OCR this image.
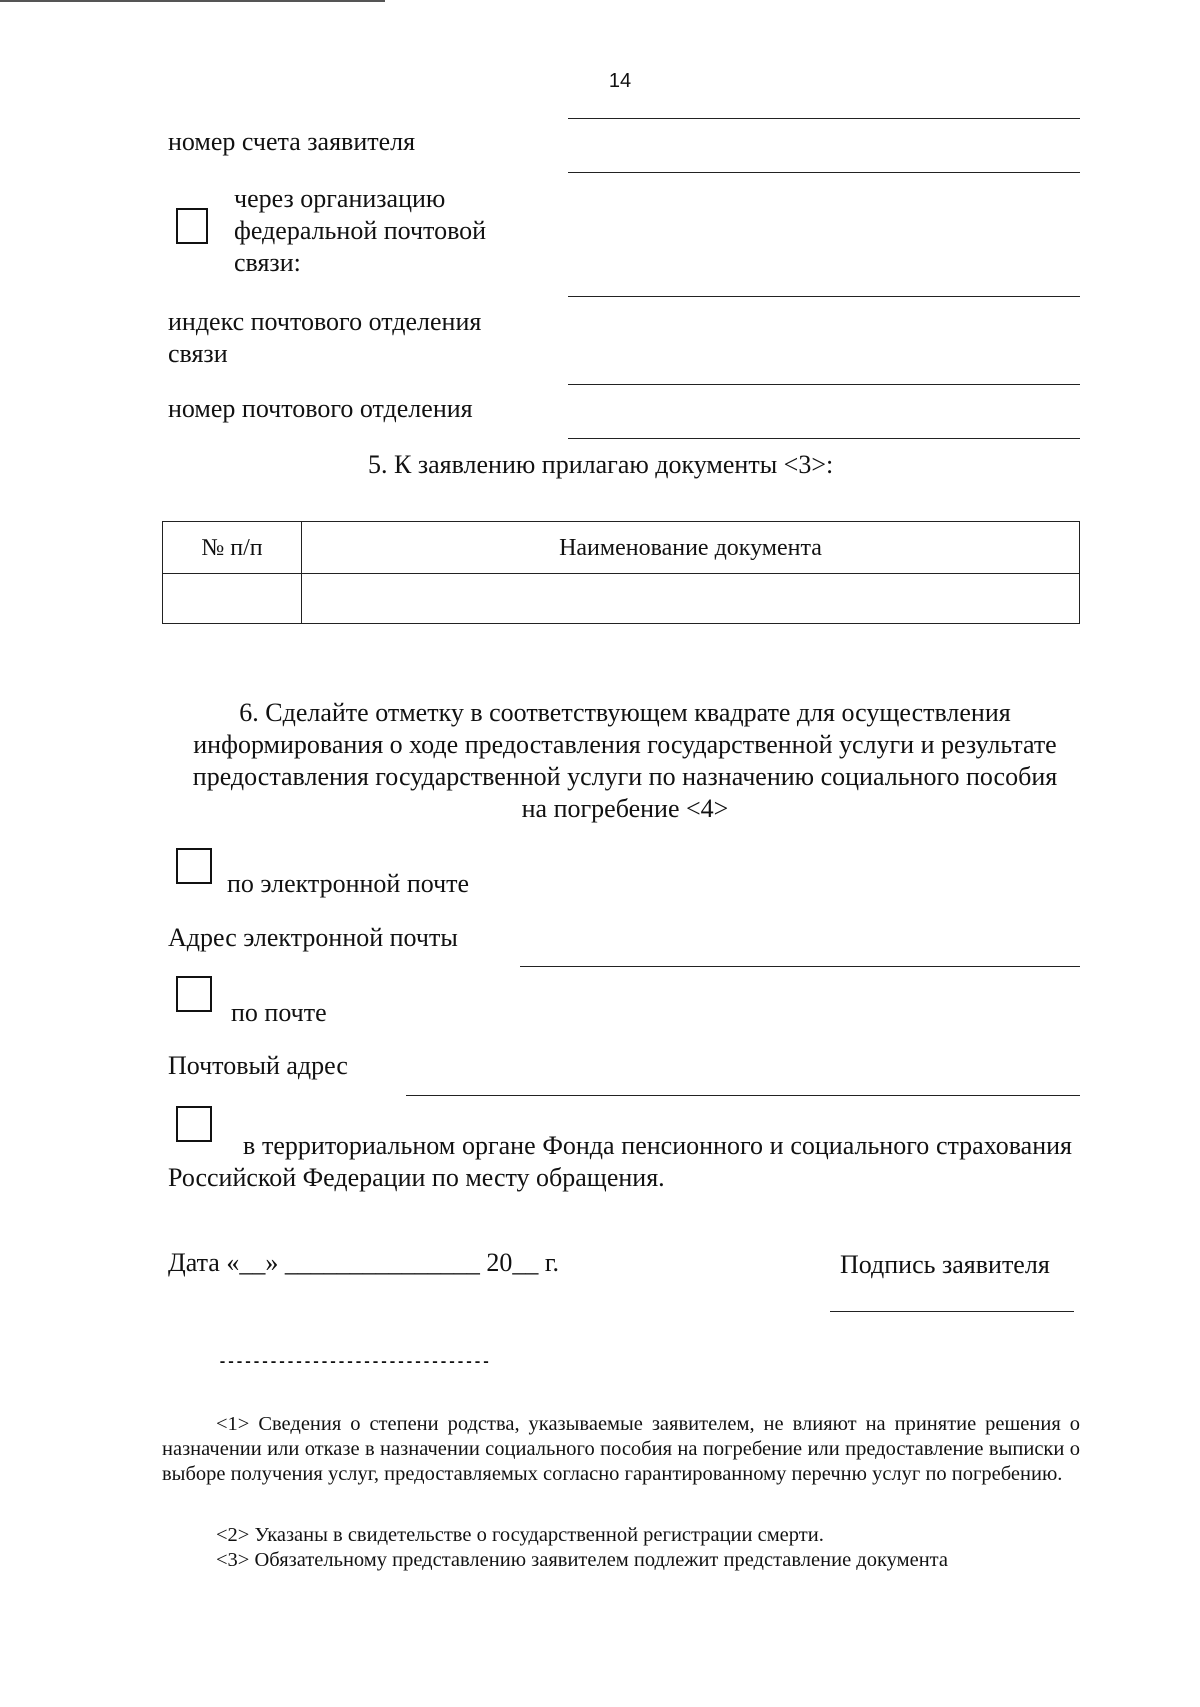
14
номер счета заявителя
через организацию федеральной почтовой связи:
индекс почтового отделения связи
номер почтового отделения
5. К заявлению прилагаю документы <3>:
№ п/п	Наименование документа

6. Сделайте отметку в соответствующем квадрате для осуществления информирования о ходе предоставления государственной услуги и результате предоставления государственной услуги по назначению социального пособия на погребение <4>
по электронной почте
Адрес электронной почты
по почте
Почтовый адрес
в территориальном органе Фонда пенсионного и социального страхования Российской Федерации по месту обращения.
Дата «__» _______________ 20__ г.	Подпись заявителя
--------------------------------
<1> Сведения о степени родства, указываемые заявителем, не влияют на принятие решения о назначении или отказе в назначении социального пособия на погребение или предоставление выписки о выборе получения услуг, предоставляемых согласно гарантированному перечню услуг по погребению.
<2> Указаны в свидетельстве о государственной регистрации смерти.
<3> Обязательному представлению заявителем подлежит представление документа
